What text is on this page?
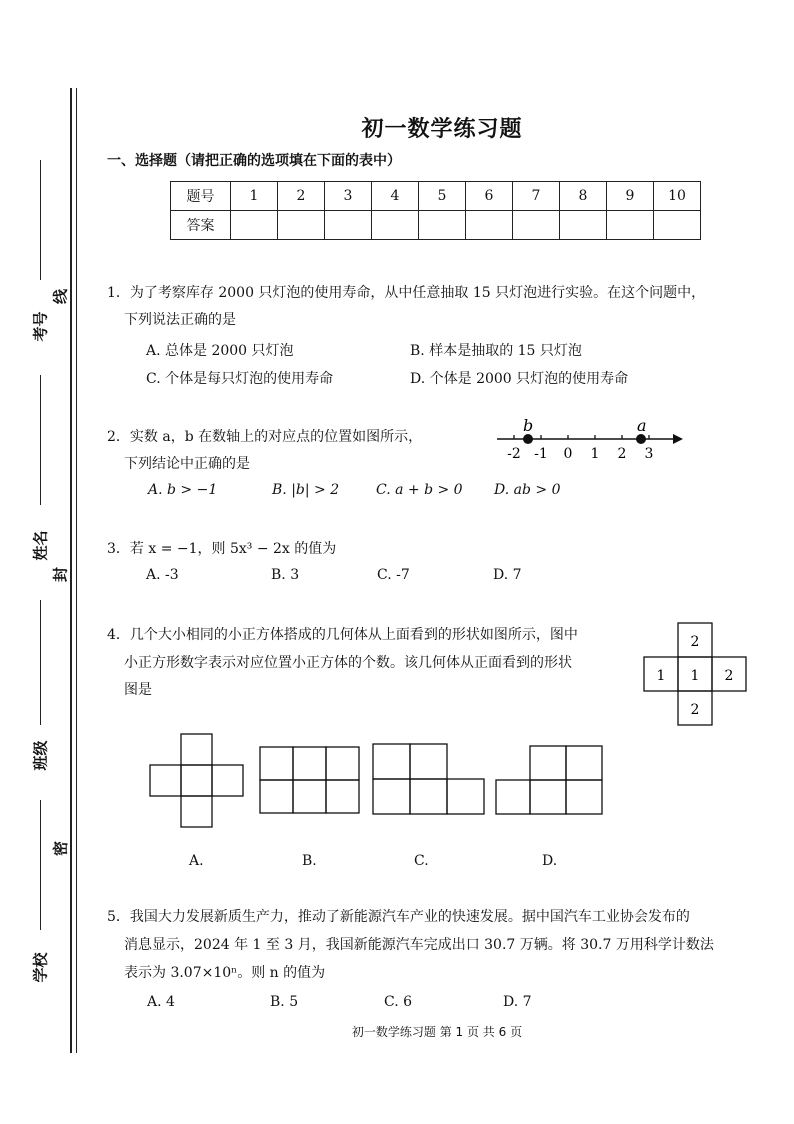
考号
姓名
班级
学校
线
封
密
初一数学练习题
一、选择题（请把正确的选项填在下面的表中）
题号	1	2	3	4	5	6	7	8	9	10
答案										
1．为了考察库存 2000 只灯泡的使用寿命，从中任意抽取 15 只灯泡进行实验。在这个问题中，
下列说法正确的是
A. 总体是 2000 只灯泡	B. 样本是抽取的 15 只灯泡
C. 个体是每只灯泡的使用寿命	D. 个体是 2000 只灯泡的使用寿命
2．实数 a，b 在数轴上的对应点的位置如图所示，
下列结论中正确的是
A. b > −1	B. |b| > 2	C. a + b > 0 D. ab > 0
-2 -1 0 1 2 3
b	a
3．若 x = −1，则 5x³ − 2x 的值为
A. -3	B. 3	C. -7	D. 7
4．几个大小相同的小正方体搭成的几何体从上面看到的形状如图所示，图中
小正方形数字表示对应位置小正方体的个数。该几何体从正面看到的形状
图是
2
1 1 2
2
A.	B.	C.	D.
5．我国大力发展新质生产力，推动了新能源汽车产业的快速发展。据中国汽车工业协会发布的
消息显示，2024 年 1 至 3 月，我国新能源汽车完成出口 30.7 万辆。将 30.7 万用科学计数法
表示为 3.07×10ⁿ。则 n 的值为
A. 4	B. 5	C. 6	D. 7
初一数学练习题 第 1 页 共 6 页
